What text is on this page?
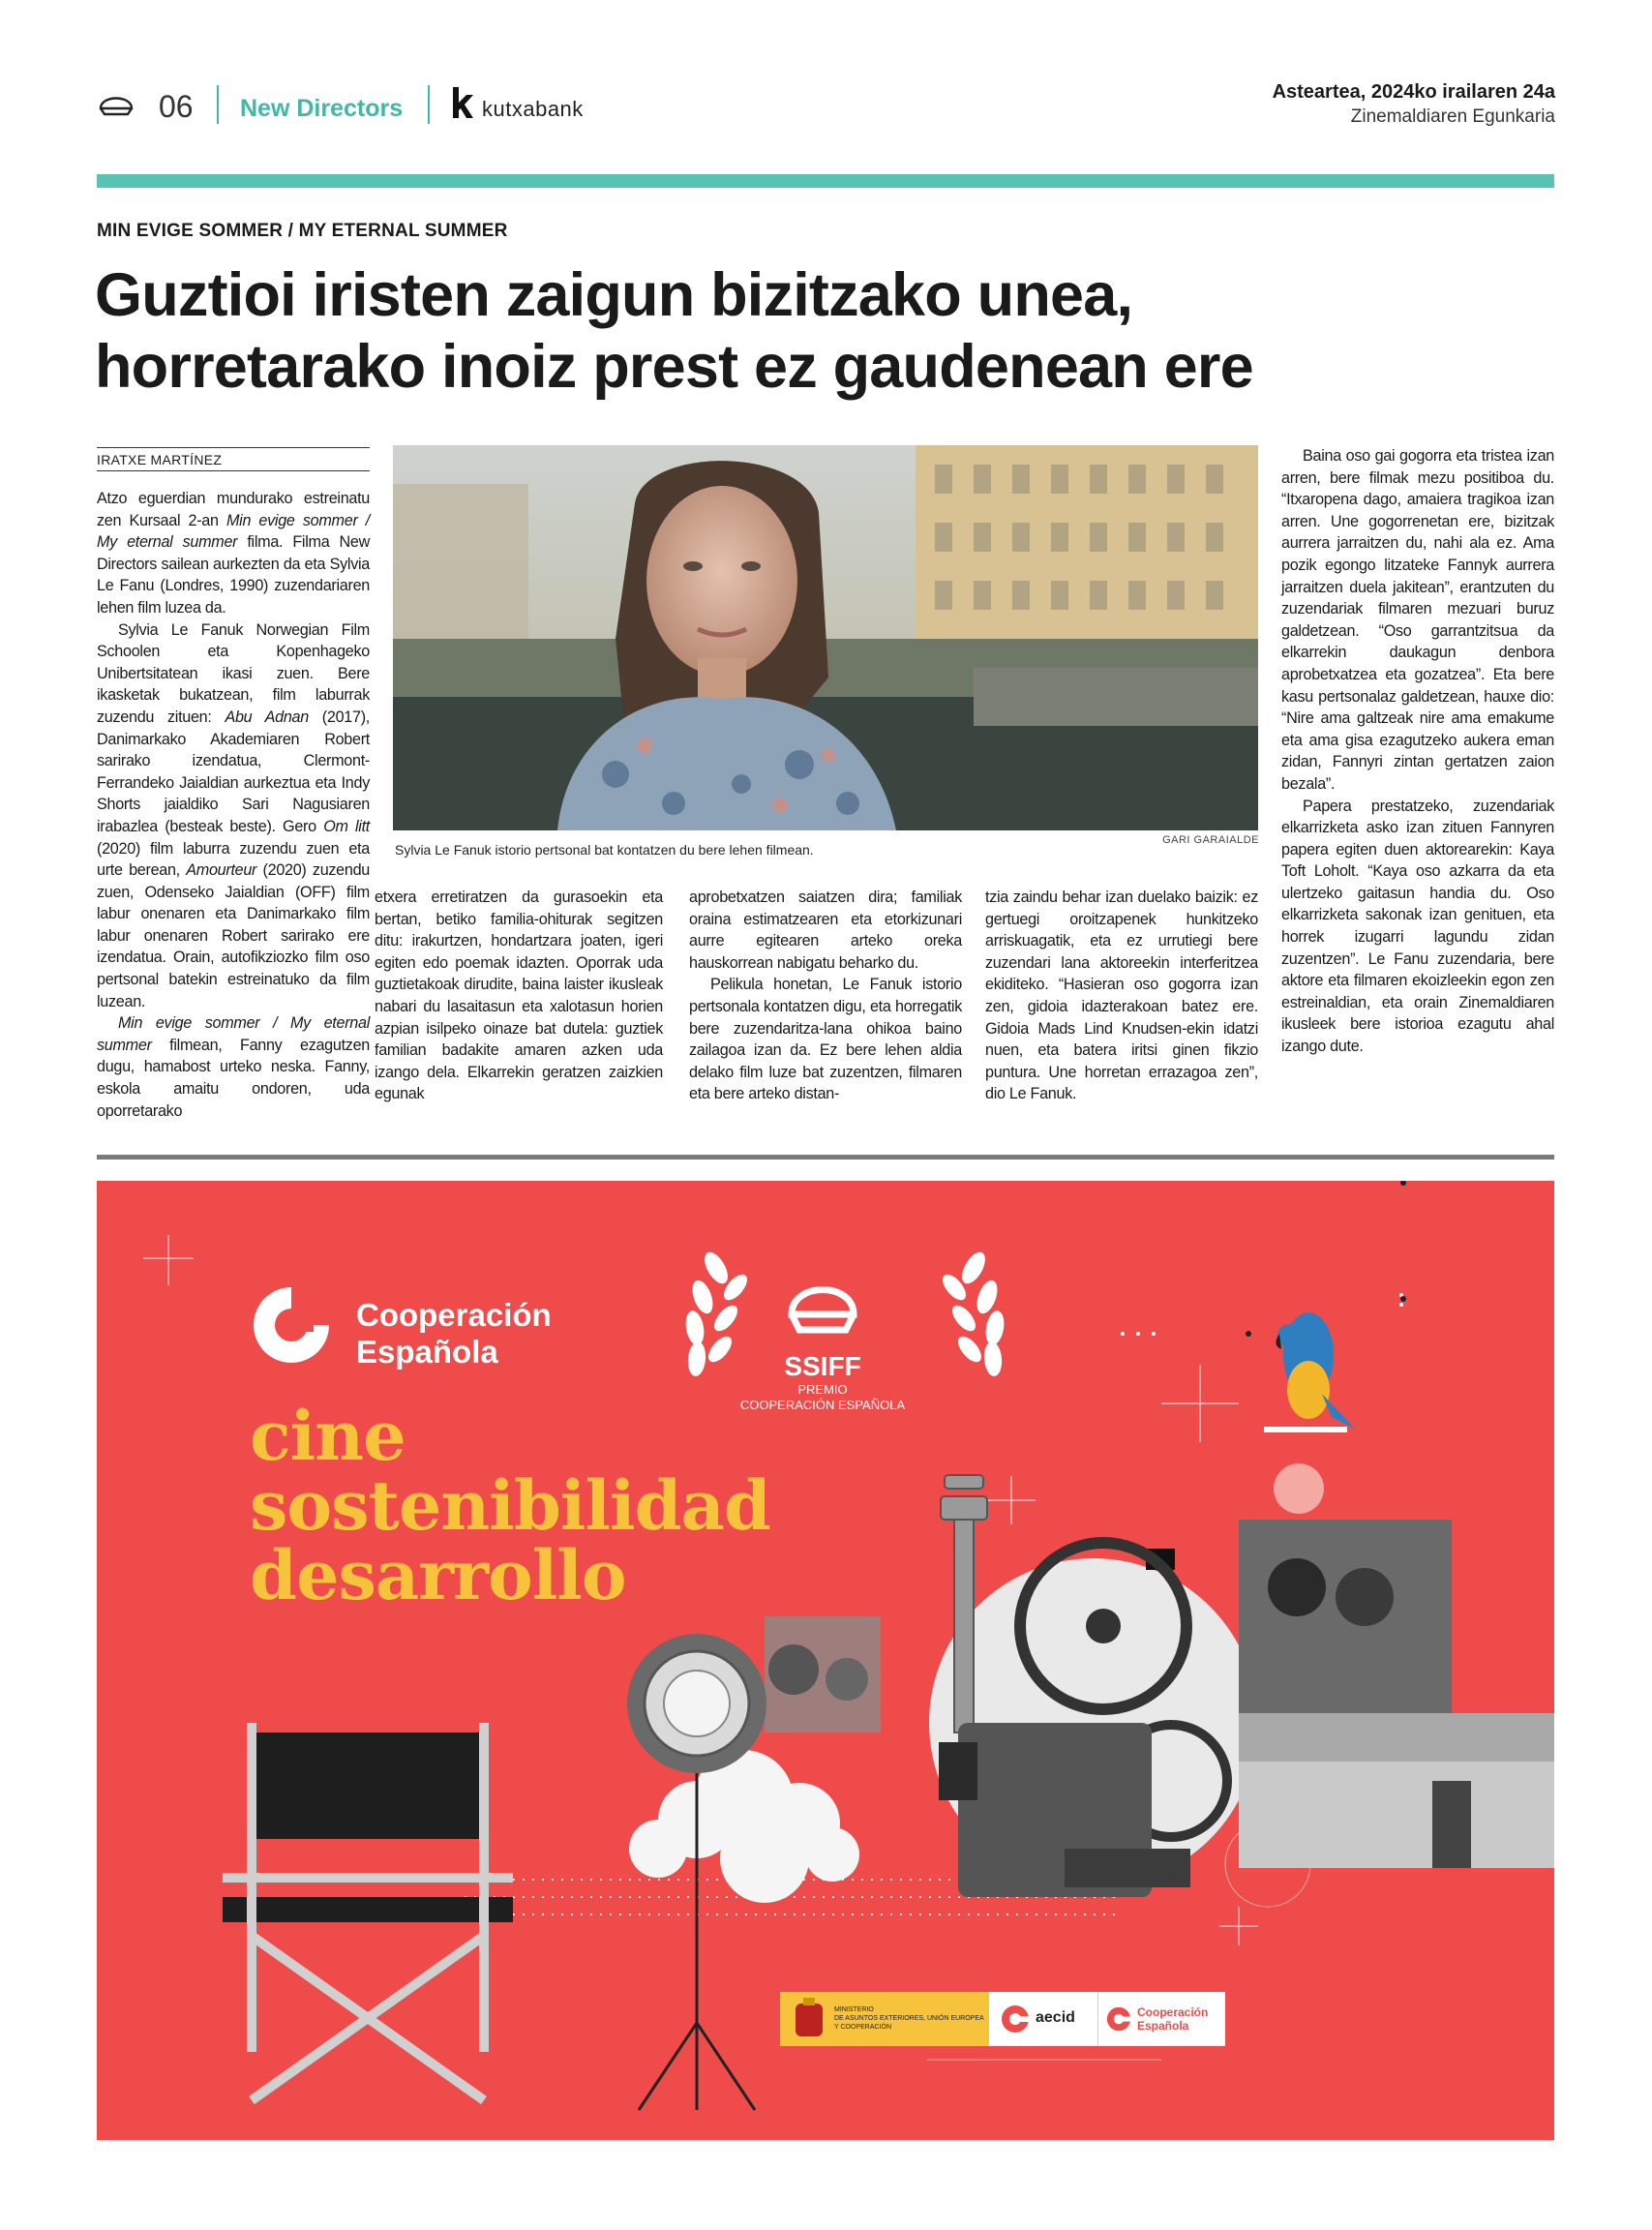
06 New Directors	kutxabank
Asteartea, 2024ko irailaren 24a
Zinemaldiaren Egunkaria
MIN EVIGE SOMMER / MY ETERNAL SUMMER
Guztioi iristen zaigun bizitzako unea,
horretarako inoiz prest ez gaudenean ere
IRATXE MARTÍNEZ

Atzo eguerdian mundurako estreinatu zen Kursaal 2-an Min evige sommer / My eternal summer filma. Filma New Directors sailean aurkezten da eta Sylvia Le Fanu (Londres, 1990) zuzendariaren lehen film luzea da.

Sylvia Le Fanuk Norwegian Film Schoolen eta Kopenhageko Unibertsitatean ikasi zuen. Bere ikasketak bukatzean, film laburrak zuzendu zituen: Abu Adnan (2017), Danimarkako Akademiaren Robert sarirako izendatua, Clermont-Ferrandeko Jaialdian aurkeztua eta Indy Shorts jaialdiko Sari Nagusiaren irabazlea (besteak beste). Gero Om litt (2020) film laburra zuzendu zuen eta urte berean, Amourteur (2020) zuzendu zuen, Odenseko Jaialdian (OFF) film labur onenaren eta Danimarkako film labur onenaren Robert sarirako ere izendatua. Orain, autofikziozko film oso pertsonal batekin estreinatuko da film luzean.

Min evige sommer / My eternal summer filmean, Fanny ezagutzen dugu, hamabost urteko neska. Fanny, eskola amaitu ondoren, uda oporretarako

Sylvia Le Fanuk istorio pertsonal bat kontatzen du bere lehen filmean.
GARI GARAIALDE

etxera erretiratzen da gurasoekin eta bertan, betiko familia-ohiturak segitzen ditu: irakurtzen, hondartzara joaten, igeri egiten edo poemak idazten. Oporrak uda guztietakoak dirudite, baina laister ikusleak nabari du lasaitasun eta xalotasun horien azpian isilpeko oinaze bat dutela: guztiek familian badakite amaren azken uda izango dela. Elkarrekin geratzen zaizkien egunak

aprobetxatzen saiatzen dira; familiak oraina estimatzearen eta etorkizunari aurre egitearen arteko oreka hauskorrean nabigatu beharko du.

Pelikula honetan, Le Fanuk istorio pertsonala kontatzen digu, eta horregatik bere zuzendaritza-lana ohikoa baino zailagoa izan da. Ez bere lehen aldia delako film luze bat zuzentzen, filmaren eta bere arteko distan-

tzia zaindu behar izan duelako baizik: ez gertuegi oroitzapenek hunkitzeko arriskuagatik, eta ez urrutiegi bere zuzendari lana aktoreekin interferitzea ekiditeko. “Hasieran oso gogorra izan zen, gidoia idazterakoan batez ere. Gidoia Mads Lind Knudsen-ekin idatzi nuen, eta batera iritsi ginen fikzio puntura. Une horretan errazagoa zen”, dio Le Fanuk.

Baina oso gai gogorra eta tristea izan arren, bere filmak mezu positiboa du. “Itxaropena dago, amaiera tragikoa izan arren. Une gogorrenetan ere, bizitzak aurrera jarraitzen du, nahi ala ez. Ama pozik egongo litzateke Fannyk aurrera jarraitzen duela jakitean”, erantzuten du zuzendariak filmaren mezuari buruz galdetzean. “Oso garrantzitsua da elkarrekin daukagun denbora aprobetxatzea eta gozatzea”. Eta bere kasu pertsonalaz galdetzean, hauxe dio: “Nire ama galtzeak nire ama emakume eta ama gisa ezagutzeko aukera eman zidan, Fannyri zintan gertatzen zaion bezala”.

Papera prestatzeko, zuzendariak elkarrizketa asko izan zituen Fannyren papera egiten duen aktorearekin: Kaya Toft Loholt. “Kaya oso azkarra da eta ulertzeko gaitasun handia du. Oso elkarrizketa sakonak izan genituen, eta horrek izugarri lagundu zidan zuzentzen”. Le Fanu zuzendaria, bere aktore eta filmaren ekoizleekin egon zen estreinaldian, eta orain Zinemaldiaren ikusleek bere istorioa ezagutu ahal izango dute.

Cooperación
Española	SSIFF
PREMIO
COOPERACIÓN ESPAÑOLA
cine
sostenibilidad
desarrollo
MINISTERIO
DE ASUNTOS EXTERIORES, UNIÓN EUROPEA
Y COOPERACIÓN
aecid	Cooperación
Española
